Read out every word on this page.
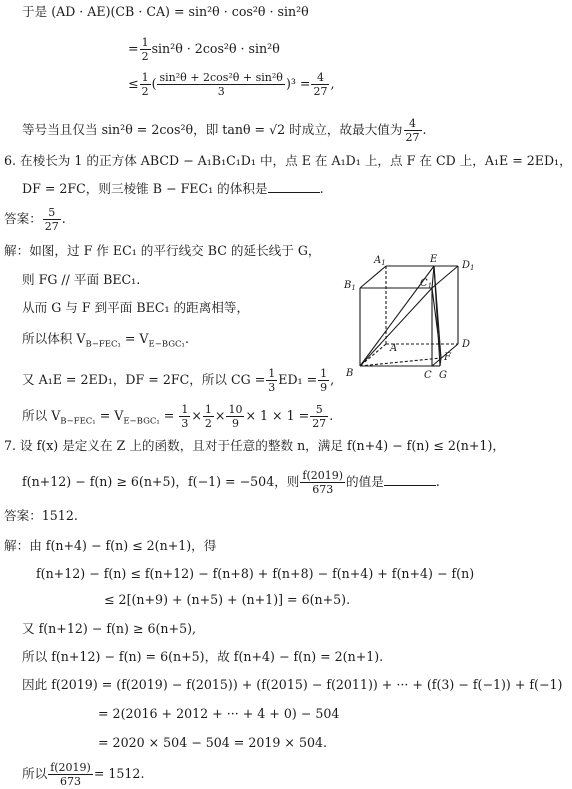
于是 (AD · AE)(CB · CA) = sin²θ · cos²θ · sin²θ
= $\frac{1}{2} \sin^2\theta \cdot 2\cos^2\theta \cdot \sin^2\theta$
≤ $\frac{1}{2}$ ( $\frac{\text{sin²θ + 2cos²θ + sin²θ}}{3} )^3 = \frac{4}{27}$ ,
等号当且仅当 sin²θ = 2cos²θ，即 tanθ = √2 时成立，故最大值为 $\frac{4}{27}$ .
6. 在棱长为 1 的正方体 ABCD − A₁B₁C₁D₁ 中，点 E 在 A₁D₁ 上，点 F 在 CD 上，A₁E = 2ED₁，
DF = 2FC，则三棱锥 B − FEC₁ 的体积是	.
答案： $\frac{5}{27}$ .
解：如图，过 F 作 EC₁ 的平行线交 BC 的延长线于 G，
则 FG // 平面 BEC₁.
从而 G 与 F 到平面 BEC₁ 的距离相等，
所以体积 $V_{B-FEC_1} = V_{E-BGC_1}$.
又 A₁E = 2ED₁，DF = 2FC，所以 CG = $\frac{1}{3} ED_1 = \frac{1}{9}$ ,
所以 $V_{B-FEC_1} = V_{E-BGC_1} = \frac{1}{3} \times \frac{1}{2} \times \frac{10}{9} \times 1 \times 1 = \frac{5}{27}$ .
$A_1$	E
$D_1$
$B_1$	$C_1$
A	D
F
B	C G
7. 设 f(x) 是定义在 Z 上的函数，且对于任意的整数 n，满足 f(n+4) − f(n) ≤ 2(n+1)，
f(n+12) − f(n) ≥ 6(n+5)，f(−1) = −504，则 $\frac{f(2019)}{673}$ 的值是	.
答案：1512.
解：由 f(n+4) − f(n) ≤ 2(n+1)，得
f(n+12) − f(n) ≤ f(n+12) − f(n+8) + f(n+8) − f(n+4) + f(n+4) − f(n)
≤ 2[(n+9) + (n+5) + (n+1)] = 6(n+5).
又 f(n+12) − f(n) ≥ 6(n+5),
所以 f(n+12) − f(n) = 6(n+5)，故 f(n+4) − f(n) = 2(n+1).
因此 f(2019) = (f(2019) − f(2015)) + (f(2015) − f(2011)) + ··· + (f(3) − f(−1)) + f(−1)
= 2(2016 + 2012 + ··· + 4 + 0) − 504
= 2020 × 504 − 504 = 2019 × 504.
所以 $\frac{f(2019)}{673} = 1512$.
